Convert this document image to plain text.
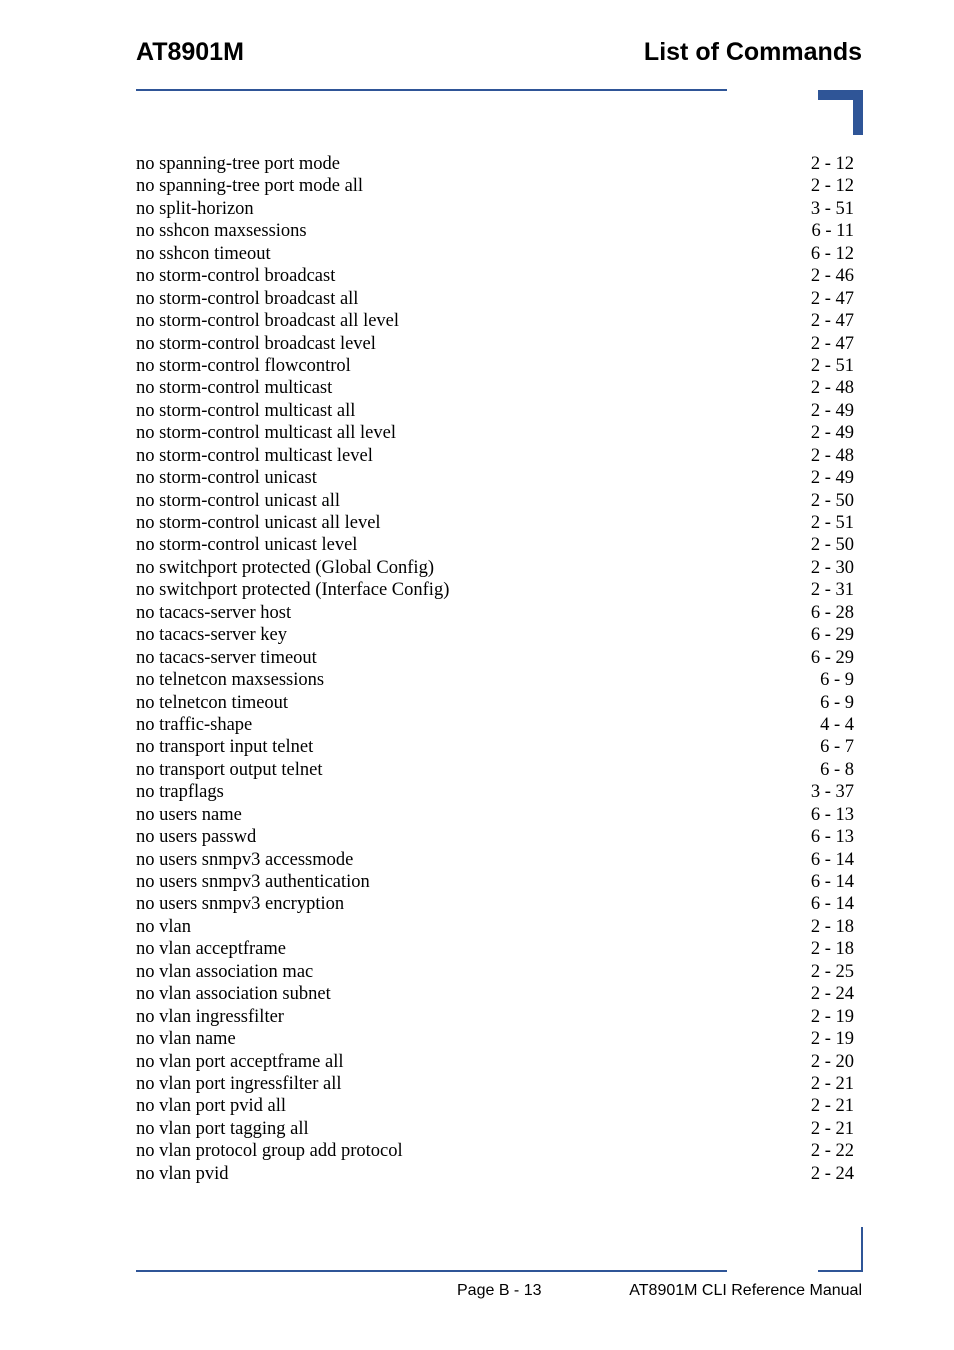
AT8901M	List of Commands
no spanning-tree port mode	2 - 12
no spanning-tree port mode all	2 - 12
no split-horizon	3 - 51
no sshcon maxsessions	6 - 11
no sshcon timeout	6 - 12
no storm-control broadcast	2 - 46
no storm-control broadcast all	2 - 47
no storm-control broadcast all level	2 - 47
no storm-control broadcast level	2 - 47
no storm-control flowcontrol	2 - 51
no storm-control multicast	2 - 48
no storm-control multicast all	2 - 49
no storm-control multicast all level	2 - 49
no storm-control multicast level	2 - 48
no storm-control unicast	2 - 49
no storm-control unicast all	2 - 50
no storm-control unicast all level	2 - 51
no storm-control unicast level	2 - 50
no switchport protected (Global Config)	2 - 30
no switchport protected (Interface Config)	2 - 31
no tacacs-server host	6 - 28
no tacacs-server key	6 - 29
no tacacs-server timeout	6 - 29
no telnetcon maxsessions	6 - 9
no telnetcon timeout	6 - 9
no traffic-shape	4 - 4
no transport input telnet	6 - 7
no transport output telnet	6 - 8
no trapflags	3 - 37
no users name	6 - 13
no users passwd	6 - 13
no users snmpv3 accessmode	6 - 14
no users snmpv3 authentication	6 - 14
no users snmpv3 encryption	6 - 14
no vlan	2 - 18
no vlan acceptframe	2 - 18
no vlan association mac	2 - 25
no vlan association subnet	2 - 24
no vlan ingressfilter	2 - 19
no vlan name	2 - 19
no vlan port acceptframe all	2 - 20
no vlan port ingressfilter all	2 - 21
no vlan port pvid all	2 - 21
no vlan port tagging all	2 - 21
no vlan protocol group add protocol	2 - 22
no vlan pvid	2 - 24
Page B - 13	AT8901M CLI Reference Manual
